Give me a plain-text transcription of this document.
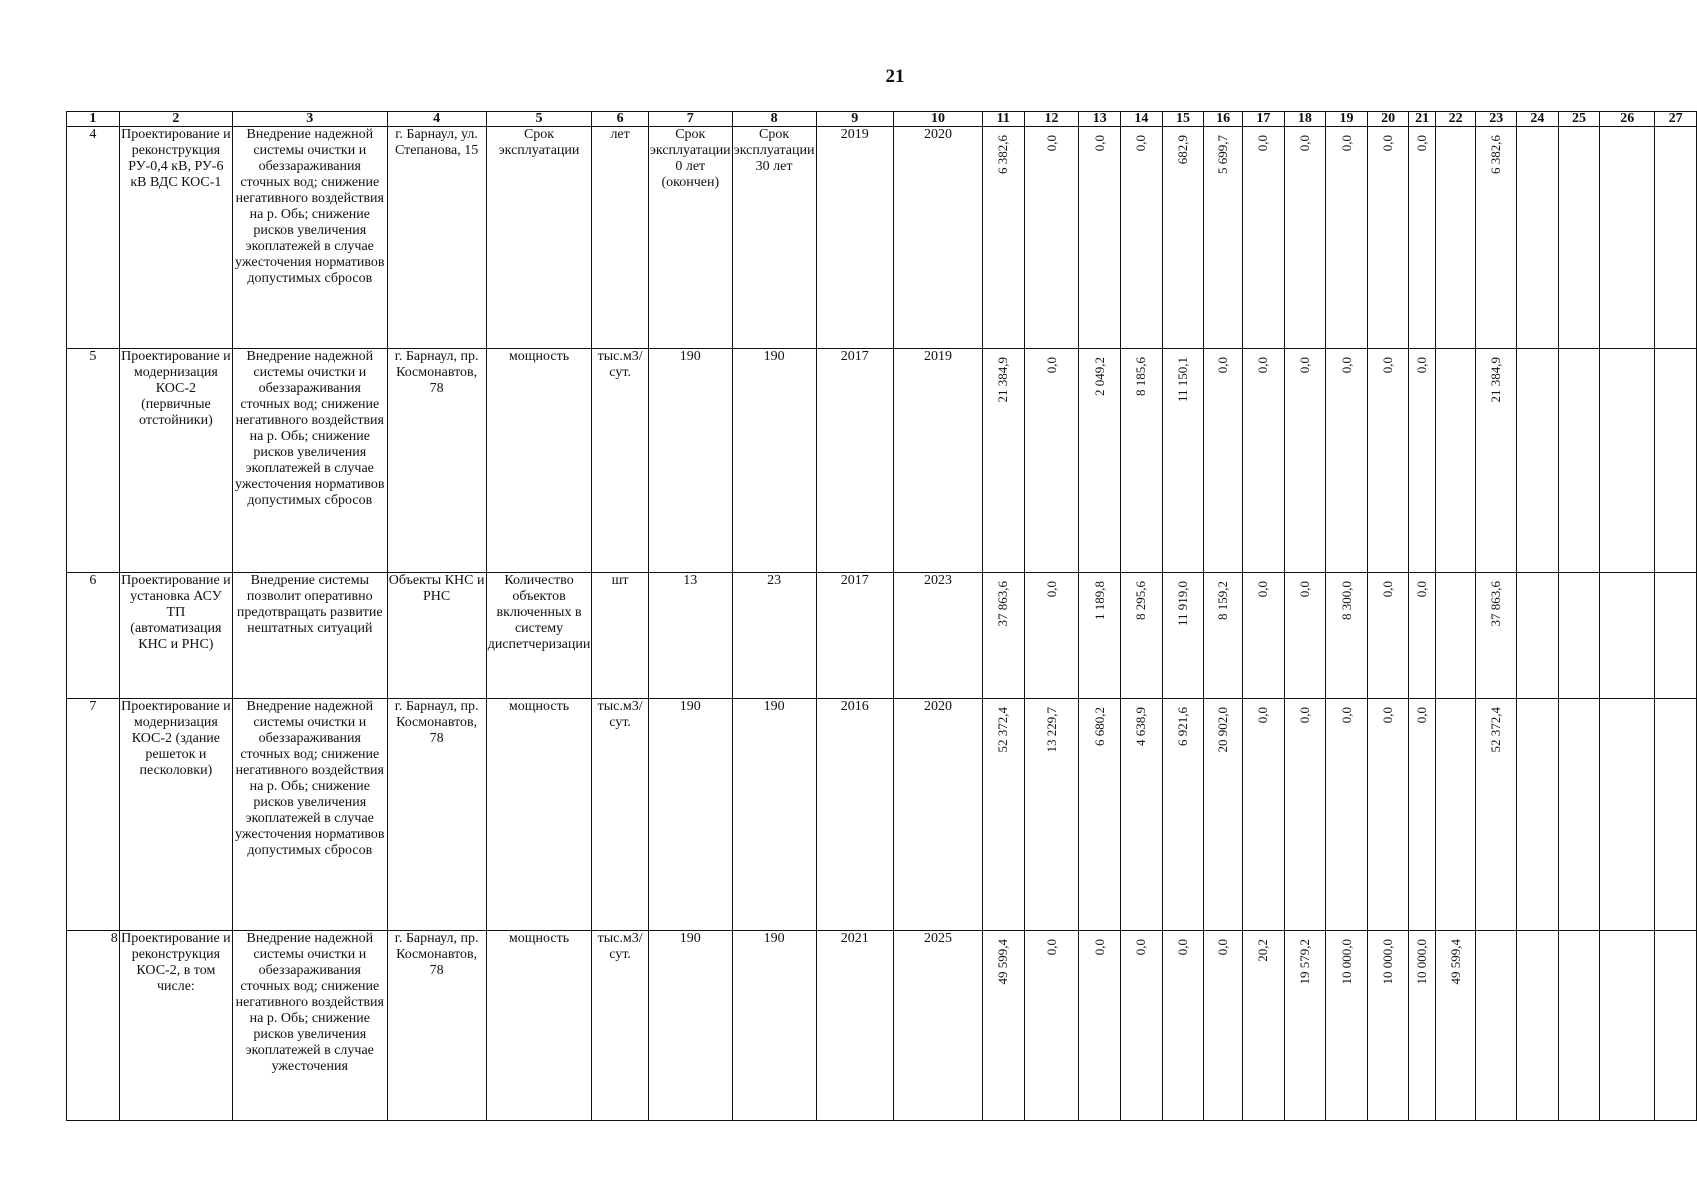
21
1	2	3	4	5	6	7	8	9	10	11	12	13	14	15	16	17	18	19	20	21	22	23	24	25	26	27
4	Проектирование и реконструкция РУ-0,4 кВ, РУ-6 кВ ВДС КОС-1	Внедрение надежной системы очистки и обеззараживания сточных вод; снижение негативного воздействия на р. Обь; снижение рисков увеличения экоплатежей в случае ужесточения нормативов допустимых сбросов	г. Барнаул, ул. Степанова, 15	Срок эксплуатации	лет	Срок эксплуатации 0 лет (окончен)	Срок эксплуатации 30 лет	2019	2020	6 382,6	0,0	0,0	0,0	682,9	5 699,7	0,0	0,0	0,0	0,0	0,0		6 382,6				

5	Проектирование и модернизация КОС-2 (первичные отстойники)	Внедрение надежной системы очистки и обеззараживания сточных вод; снижение негативного воздействия на р. Обь; снижение рисков увеличения экоплатежей в случае ужесточения нормативов допустимых сбросов	г. Барнаул, пр. Космонавтов, 78	мощность	тыс.м3/сут.	190	190	2017	2019	21 384,9	0,0	2 049,2	8 185,6	11 150,1	0,0	0,0	0,0	0,0	0,0	0,0		21 384,9				

6	Проектирование и установка АСУ ТП (автоматизация КНС и РНС)	Внедрение системы позволит оперативно предотвращать развитие нештатных ситуаций	Объекты КНС и РНС	Количество объектов включенных в систему диспетчеризации	шт	13	23	2017	2023	37 863,6	0,0	1 189,8	8 295,6	11 919,0	8 159,2	0,0	0,0	8 300,0	0,0	0,0		37 863,6				

7	Проектирование и модернизация КОС-2 (здание решеток и песколовки)	Внедрение надежной системы очистки и обеззараживания сточных вод; снижение негативного воздействия на р. Обь; снижение рисков увеличения экоплатежей в случае ужесточения нормативов допустимых сбросов	г. Барнаул, пр. Космонавтов, 78	мощность	тыс.м3/сут.	190	190	2016	2020	52 372,4	13 229,7	6 680,2	4 638,9	6 921,6	20 902,0	0,0	0,0	0,0	0,0	0,0		52 372,4				

8	Проектирование и реконструкция КОС-2, в том числе:	Внедрение надежной системы очистки и обеззараживания сточных вод; снижение негативного воздействия на р. Обь; снижение рисков увеличения экоплатежей в случае ужесточения	г. Барнаул, пр. Космонавтов, 78	мощность	тыс.м3/сут.	190	190	2021	2025	49 599,4	0,0	0,0	0,0	0,0	0,0	20,2	19 579,2	10 000,0	10 000,0	10 000,0	49 599,4					
